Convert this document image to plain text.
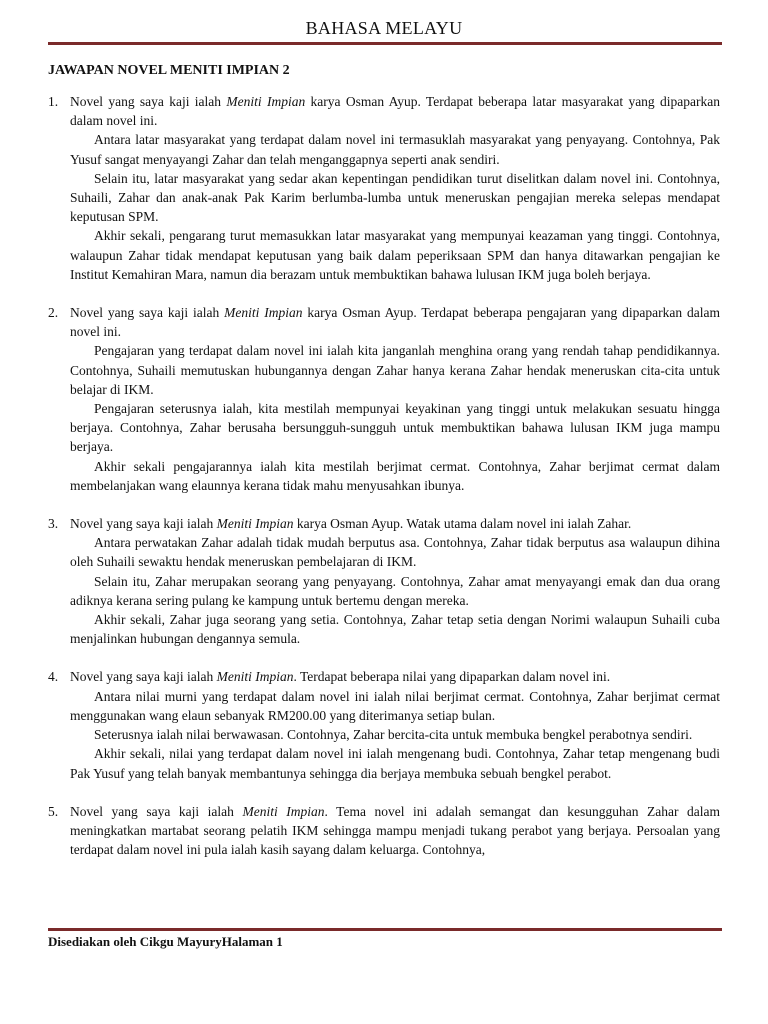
BAHASA MELAYU
JAWAPAN NOVEL MENITI IMPIAN 2
1. Novel yang saya kaji ialah Meniti Impian karya Osman Ayup. Terdapat beberapa latar masyarakat yang dipaparkan dalam novel ini.

Antara latar masyarakat yang terdapat dalam novel ini termasuklah masyarakat yang penyayang. Contohnya, Pak Yusuf sangat menyayangi Zahar dan telah menganggapnya seperti anak sendiri.

Selain itu, latar masyarakat yang sedar akan kepentingan pendidikan turut diselitkan dalam novel ini. Contohnya, Suhaili, Zahar dan anak-anak Pak Karim berlumba-lumba untuk meneruskan pengajian mereka selepas mendapat keputusan SPM.

Akhir sekali, pengarang turut memasukkan latar masyarakat yang mempunyai keazaman yang tinggi. Contohnya, walaupun Zahar tidak mendapat keputusan yang baik dalam peperiksaan SPM dan hanya ditawarkan pengajian ke Institut Kemahiran Mara, namun dia berazam untuk membuktikan bahawa lulusan IKM juga boleh berjaya.

2. Novel yang saya kaji ialah Meniti Impian karya Osman Ayup. Terdapat beberapa pengajaran yang dipaparkan dalam novel ini.

Pengajaran yang terdapat dalam novel ini ialah kita janganlah menghina orang yang rendah tahap pendidikannya. Contohnya, Suhaili memutuskan hubungannya dengan Zahar hanya kerana Zahar hendak meneruskan cita-cita untuk belajar di IKM.

Pengajaran seterusnya ialah, kita mestilah mempunyai keyakinan yang tinggi untuk melakukan sesuatu hingga berjaya. Contohnya, Zahar berusaha bersungguh-sungguh untuk membuktikan bahawa lulusan IKM juga mampu berjaya.

Akhir sekali pengajarannya ialah kita mestilah berjimat cermat. Contohnya, Zahar berjimat cermat dalam membelanjakan wang elaunnya kerana tidak mahu menyusahkan ibunya.

3. Novel yang saya kaji ialah Meniti Impian karya Osman Ayup. Watak utama dalam novel ini ialah Zahar.

Antara perwatakan Zahar adalah tidak mudah berputus asa. Contohnya, Zahar tidak berputus asa walaupun dihina oleh Suhaili sewaktu hendak meneruskan pembelajaran di IKM.

Selain itu, Zahar merupakan seorang yang penyayang. Contohnya, Zahar amat menyayangi emak dan dua orang adiknya kerana sering pulang ke kampung untuk bertemu dengan mereka.

Akhir sekali, Zahar juga seorang yang setia. Contohnya, Zahar tetap setia dengan Norimi walaupun Suhaili cuba menjalinkan hubungan dengannya semula.

4. Novel yang saya kaji ialah Meniti Impian. Terdapat beberapa nilai yang dipaparkan dalam novel ini.

Antara nilai murni yang terdapat dalam novel ini ialah nilai berjimat cermat. Contohnya, Zahar berjimat cermat menggunakan wang elaun sebanyak RM200.00 yang diterimanya setiap bulan.

Seterusnya ialah nilai berwawasan. Contohnya, Zahar bercita-cita untuk membuka bengkel perabotnya sendiri.

Akhir sekali, nilai yang terdapat dalam novel ini ialah mengenang budi. Contohnya, Zahar tetap mengenang budi Pak Yusuf yang telah banyak membantunya sehingga dia berjaya membuka sebuah bengkel perabot.

5. Novel yang saya kaji ialah Meniti Impian. Tema novel ini adalah semangat dan kesungguhan Zahar dalam meningkatkan martabat seorang pelatih IKM sehingga mampu menjadi tukang perabot yang berjaya. Persoalan yang terdapat dalam novel ini pula ialah kasih sayang dalam keluarga. Contohnya,

Disediakan oleh Cikgu MayuryHalaman 1
